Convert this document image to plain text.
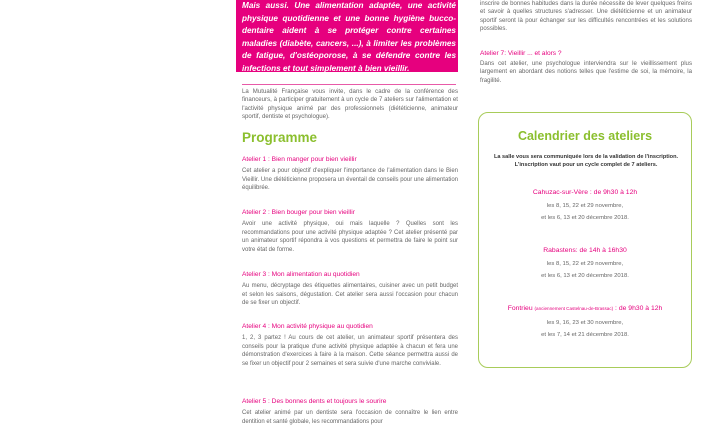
Mais aussi. Une alimentation adaptée, une activité physique quotidienne et une bonne hygiène bucco-dentaire aident à se protéger contre certaines maladies (diabète, cancers, ...), à limiter les problèmes de fatigue, d'ostéoporose, à se défendre contre les infections et tout simplement à bien vieillir.

La Mutualité Française vous invite, dans le cadre de la conférence des financeurs, à participer gratuitement à un cycle de 7 ateliers sur l'alimentation et l'activité physique animé par des professionnels (diététicienne, animateur sportif, dentiste et psychologue).
Programme
Atelier 1 : Bien manger pour bien vieillir
Cet atelier a pour objectif d'expliquer l'importance de l'alimentation dans le Bien Vieillir. Une diététicienne proposera un éventail de conseils pour une alimentation équilibrée.
Atelier 2 : Bien bouger pour bien vieillir
Avoir une activité physique, oui mais laquelle ? Quelles sont les recommandations pour une activité physique adaptée ? Cet atelier présenté par un animateur sportif répondra à vos questions et permettra de faire le point sur votre état de forme.
Atelier 3 : Mon alimentation au quotidien
Au menu, décryptage des étiquettes alimentaires, cuisiner avec un petit budget et selon les saisons, dégustation. Cet atelier sera aussi l'occasion pour chacun de se fixer un objectif.
Atelier 4 : Mon activité physique au quotidien
1, 2, 3 partez ! Au cours de cet atelier, un animateur sportif présentera des conseils pour la pratique d'une activité physique adaptée à chacun et fera une démonstration d'exercices à faire à la maison. Cette séance permettra aussi de se fixer un objectif pour 2 semaines et sera suivie d'une marche conviviale.
Atelier 5 : Des bonnes dents et toujours le sourire
Cet atelier animé par un dentiste sera l'occasion de connaître le lien entre dentition et santé globale, les recommandations pour
inscrire de bonnes habitudes dans la durée nécessite de lever quelques freins et savoir à quelles structures s'adresser. Une diététicienne et un animateur sportif seront là pour échanger sur les difficultés rencontrées et les solutions possibles.
Atelier 7: Vieillir ... et alors ?
Dans cet atelier, une psychologue interviendra sur le vieillissement plus largement en abordant des notions telles que l'estime de soi, la mémoire, la fragilité.
Calendrier des ateliers
La salle vous sera communiquée lors de la validation de l'inscription. L'inscription vaut pour un cycle complet de 7 ateliers.
Cahuzac-sur-Vère : de 9h30 à 12h
les 8, 15, 22 et 29 novembre,
et les 6, 13 et 20 décembre 2018.
Rabastens: de 14h à 16h30
les 8, 15, 22 et 29 novembre,
et les 6, 13 et 20 décembre 2018.
Fontrieu (anciennement Castelnau-de-Brassac) : de 9h30 à 12h
les 9, 16, 23 et 30 novembre,
et les 7, 14 et 21 décembre 2018.
